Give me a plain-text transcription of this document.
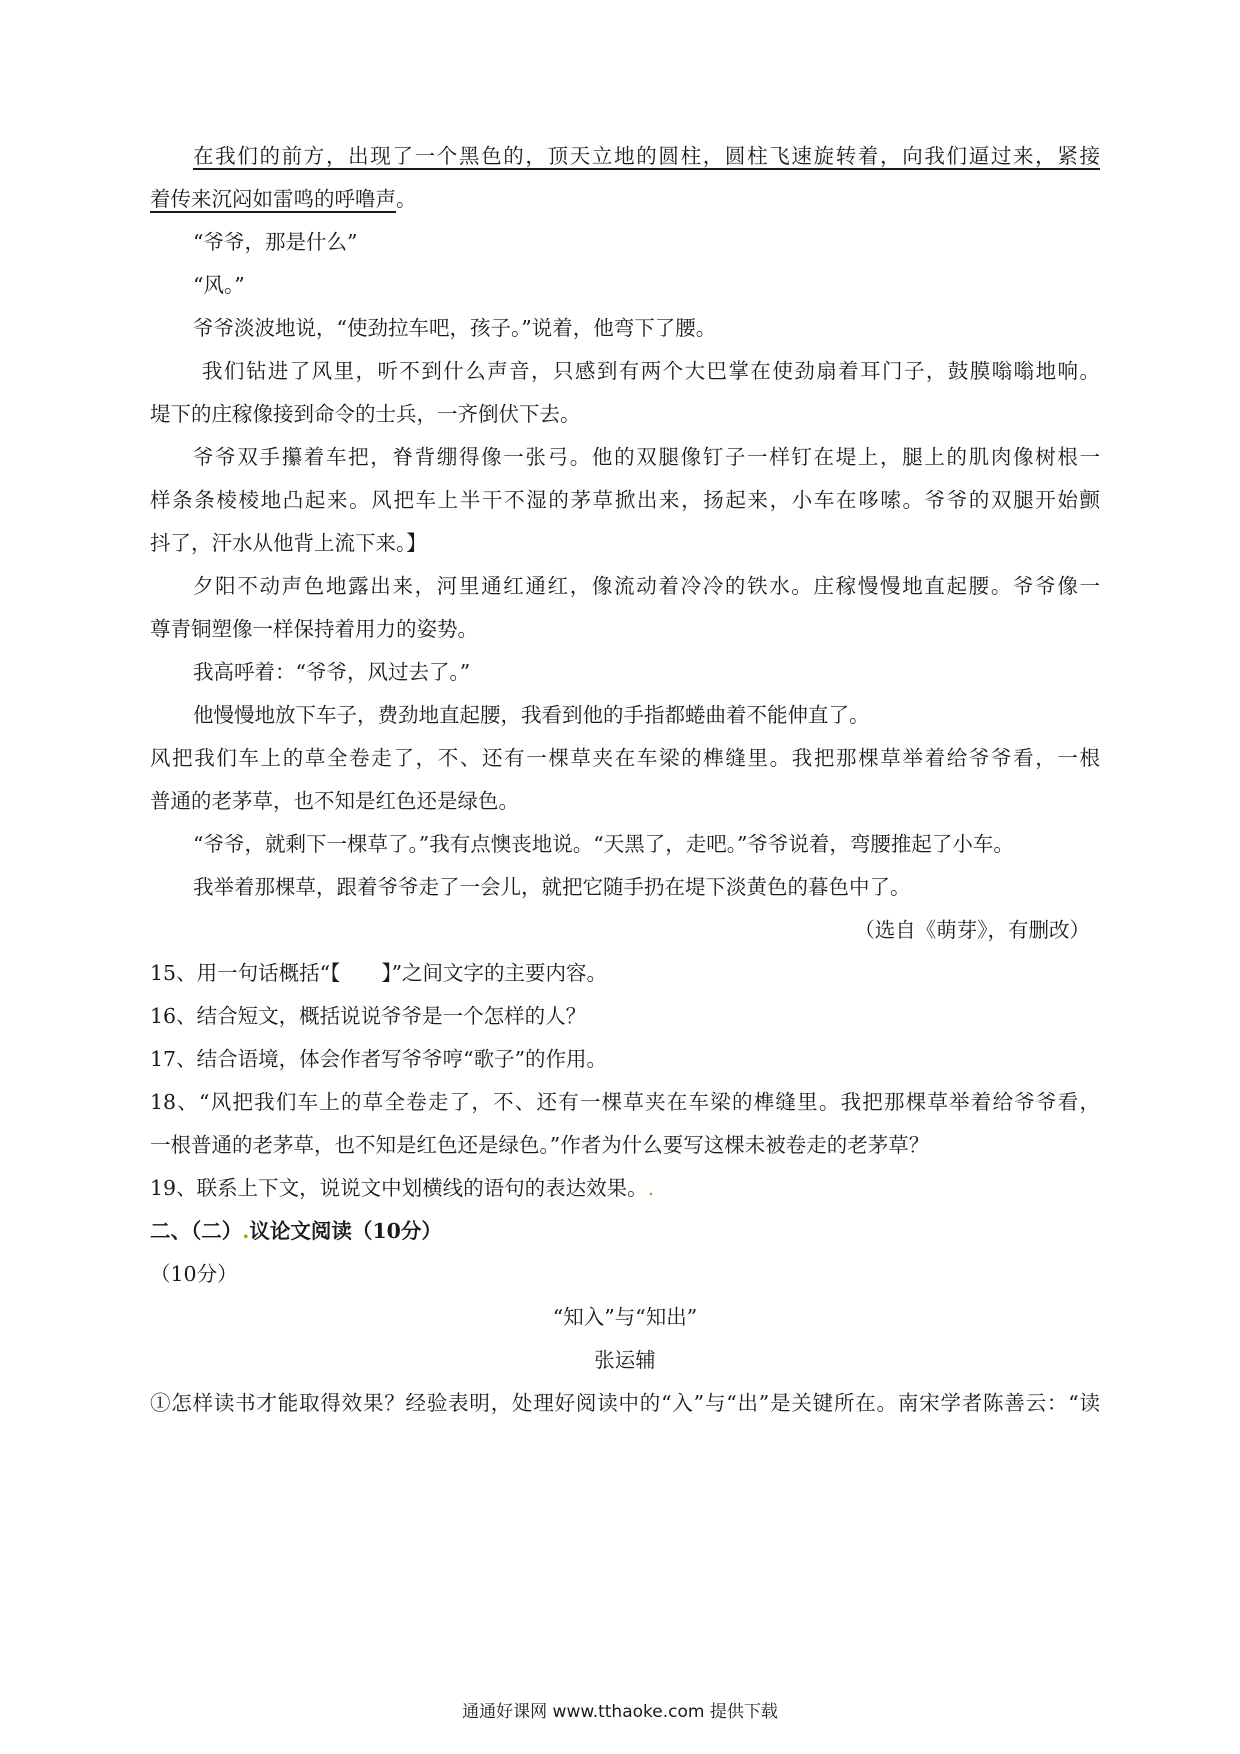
在我们的前方，出现了一个黑色的，顶天立地的圆柱，圆柱飞速旋转着，向我们逼过来，紧接
着传来沉闷如雷鸣的呼噜声。
“爷爷，那是什么”
“风。”
爷爷淡波地说，“使劲拉车吧，孩子。”说着，他弯下了腰。
我们钻进了风里，听不到什么声音，只感到有两个大巴掌在使劲扇着耳门子，鼓膜嗡嗡地响。
堤下的庄稼像接到命令的士兵，一齐倒伏下去。
爷爷双手攥着车把，脊背绷得像一张弓。他的双腿像钉子一样钉在堤上，腿上的肌肉像树根一
样条条棱棱地凸起来。风把车上半干不湿的茅草掀出来，扬起来，小车在哆嗦。爷爷的双腿开始颤
抖了，汗水从他背上流下来。】
夕阳不动声色地露出来，河里通红通红，像流动着冷冷的铁水。庄稼慢慢地直起腰。爷爷像一
尊青铜塑像一样保持着用力的姿势。
我高呼着：“爷爷，风过去了。”
他慢慢地放下车子，费劲地直起腰，我看到他的手指都蜷曲着不能伸直了。
风把我们车上的草全卷走了，不、还有一棵草夹在车梁的榫缝里。我把那棵草举着给爷爷看，一根
普通的老茅草，也不知是红色还是绿色。
“爷爷，就剩下一棵草了。”我有点懊丧地说。“天黑了，走吧。”爷爷说着，弯腰推起了小车。
我举着那棵草，跟着爷爷走了一会儿，就把它随手扔在堤下淡黄色的暮色中了。
（选自《萌芽》，有删改）
15、用一句话概括“【　　】”之间文字的主要内容。
16、结合短文，概括说说爷爷是一个怎样的人？
17、结合语境，体会作者写爷爷哼“歌子”的作用。
18、“风把我们车上的草全卷走了，不、还有一棵草夹在车梁的榫缝里。我把那棵草举着给爷爷看，
一根普通的老茅草，也不知是红色还是绿色。”作者为什么要写这棵未被卷走的老茅草？
19、联系上下文，说说文中划横线的语句的表达效果。.
二、（二）.议论文阅读（10分）
（10分）
“知入”与“知出”
张运辅
①怎样读书才能取得效果？经验表明，处理好阅读中的“入”与“出”是关键所在。南宋学者陈善云：“读
通通好课网 www.tthaoke.com 提供下载
